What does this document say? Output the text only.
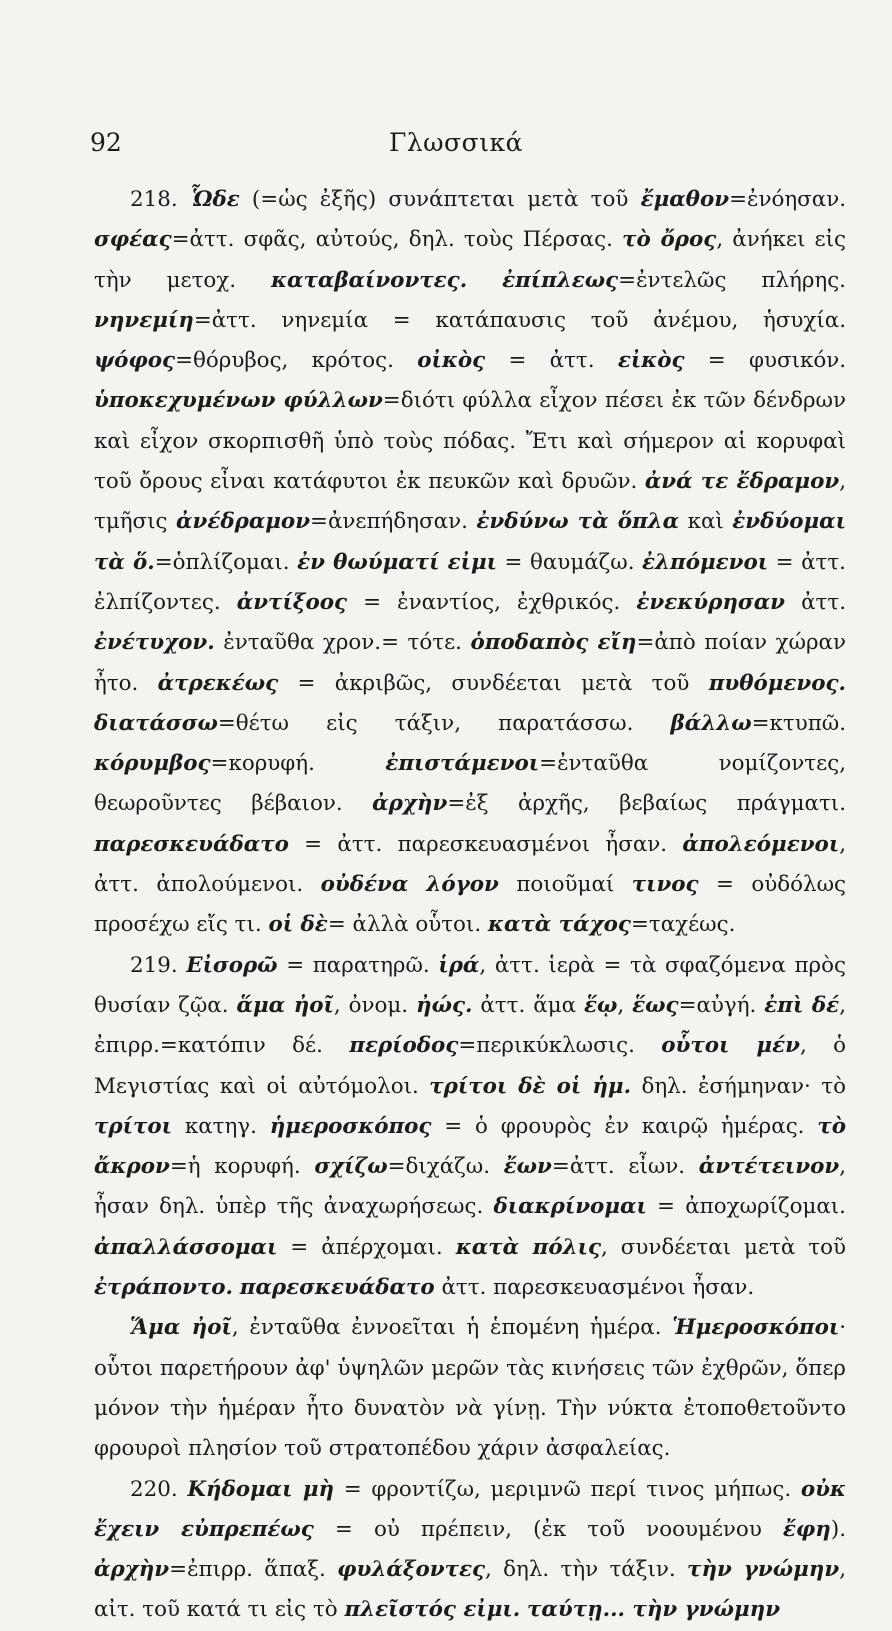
92	Γλωσσικά

218. Ὧδε (=ὡς ἐξῆς) συνάπτεται μετὰ τοῦ ἔμαθον=ἐνόησαν. σφέας=ἀττ. σφᾶς, αὐτούς, δηλ. τοὺς Πέρσας. τὸ ὄρος, ἀνήκει εἰς τὴν μετοχ. καταβαίνοντες. ἐπίπλεως=ἐντελῶς πλήρης. νηνεμίη=ἀττ. νηνεμία = κατάπαυσις τοῦ ἀνέμου, ἡσυχία. ψόφος=θόρυβος, κρότος. οἰκὸς = ἀττ. εἰκὸς = φυσικόν. ὑποκεχυμένων φύλλων=διότι φύλλα εἶχον πέσει ἐκ τῶν δένδρων καὶ εἶχον σκορπισθῆ ὑπὸ τοὺς πόδας. Ἔτι καὶ σήμερον αἱ κορυφαὶ τοῦ ὄρους εἶναι κατάφυτοι ἐκ πευκῶν καὶ δρυῶν. ἀνά τε ἔδραμον, τμῆσις ἀνέδραμον=ἀνεπήδησαν. ἐνδύνω τὰ ὅπλα καὶ ἐνδύομαι τὰ ὅ.=ὁπλίζομαι. ἐν θωύματί εἰμι = θαυμάζω. ἐλπόμενοι = ἀττ. ἐλπίζοντες. ἀντίξοος = ἐναντίος, ἐχθρικός. ἐνεκύρησαν ἀττ. ἐνέτυχον. ἐνταῦθα χρον.= τότε. ὁποδαπὸς εἴη=ἀπὸ ποίαν χώραν ἦτο. ἀτρεκέως = ἀκριβῶς, συνδέεται μετὰ τοῦ πυθόμενος. διατάσσω=θέτω εἰς τάξιν, παρατάσσω. βάλλω=κτυπῶ. κόρυμβος=κορυφή. ἐπιστάμενοι=ἐνταῦθα νομίζοντες, θεωροῦντες βέβαιον. ἀρχὴν=ἐξ ἀρχῆς, βεβαίως πράγματι. παρεσκευάδατο = ἀττ. παρεσκευασμένοι ἦσαν. ἀπολεόμενοι, ἀττ. ἀπολούμενοι. οὐδένα λόγον ποιοῦμαί τινος = οὐδόλως προσέχω εἴς τι. οἱ δὲ= ἀλλὰ οὗτοι. κατὰ τάχος=ταχέως.

219. Εἰσορῶ = παρατηρῶ. ἱρά, ἀττ. ἱερὰ = τὰ σφαζόμενα πρὸς θυσίαν ζῷα. ἅμα ἠοῖ, ὀνομ. ἠώς. ἀττ. ἅμα ἕῳ, ἕως=αὐγή. ἐπὶ δέ, ἐπιρρ.=κατόπιν δέ. περίοδος=περικύκλωσις. οὗτοι μέν, ὁ Μεγιστίας καὶ οἱ αὐτόμολοι. τρίτοι δὲ οἱ ἡμ. δηλ. ἐσήμηναν· τὸ τρίτοι κατηγ. ἡμεροσκόπος = ὁ φρουρὸς ἐν καιρῷ ἡμέρας. τὸ ἄκρον=ἡ κορυφή. σχίζω=διχάζω. ἔων=ἀττ. εἶων. ἀντέτεινον, ἦσαν δηλ. ὑπὲρ τῆς ἀναχωρήσεως. διακρίνομαι = ἀποχωρίζομαι. ἀπαλλάσσομαι = ἀπέρχομαι. κατὰ πόλις, συνδέεται μετὰ τοῦ ἐτράποντο. παρεσκευάδατο ἀττ. παρεσκευασμένοι ἦσαν.

Ἅμα ἠοῖ, ἐνταῦθα ἐννοεῖται ἡ ἑπομένη ἡμέρα. Ἡμεροσκόποι· οὗτοι παρετήρουν ἀφ' ὑψηλῶν μερῶν τὰς κινήσεις τῶν ἐχθρῶν, ὅπερ μόνον τὴν ἡμέραν ἦτο δυνατὸν νὰ γίνῃ. Τὴν νύκτα ἐτοποθετοῦντο φρουροὶ πλησίον τοῦ στρατοπέδου χάριν ἀσφαλείας.

220. Κήδομαι μὴ = φροντίζω, μεριμνῶ περί τινος μήπως. οὐκ ἔχειν εὐπρεπέως = οὐ πρέπειν, (ἐκ τοῦ νοουμένου ἔφη). ἀρχὴν=ἐπιρρ. ἅπαξ. φυλάξοντες, δηλ. τὴν τάξιν. τὴν γνώμην, αἰτ. τοῦ κατά τι εἰς τὸ πλεῖστός εἰμι. ταύτῃ... τὴν γνώμην
